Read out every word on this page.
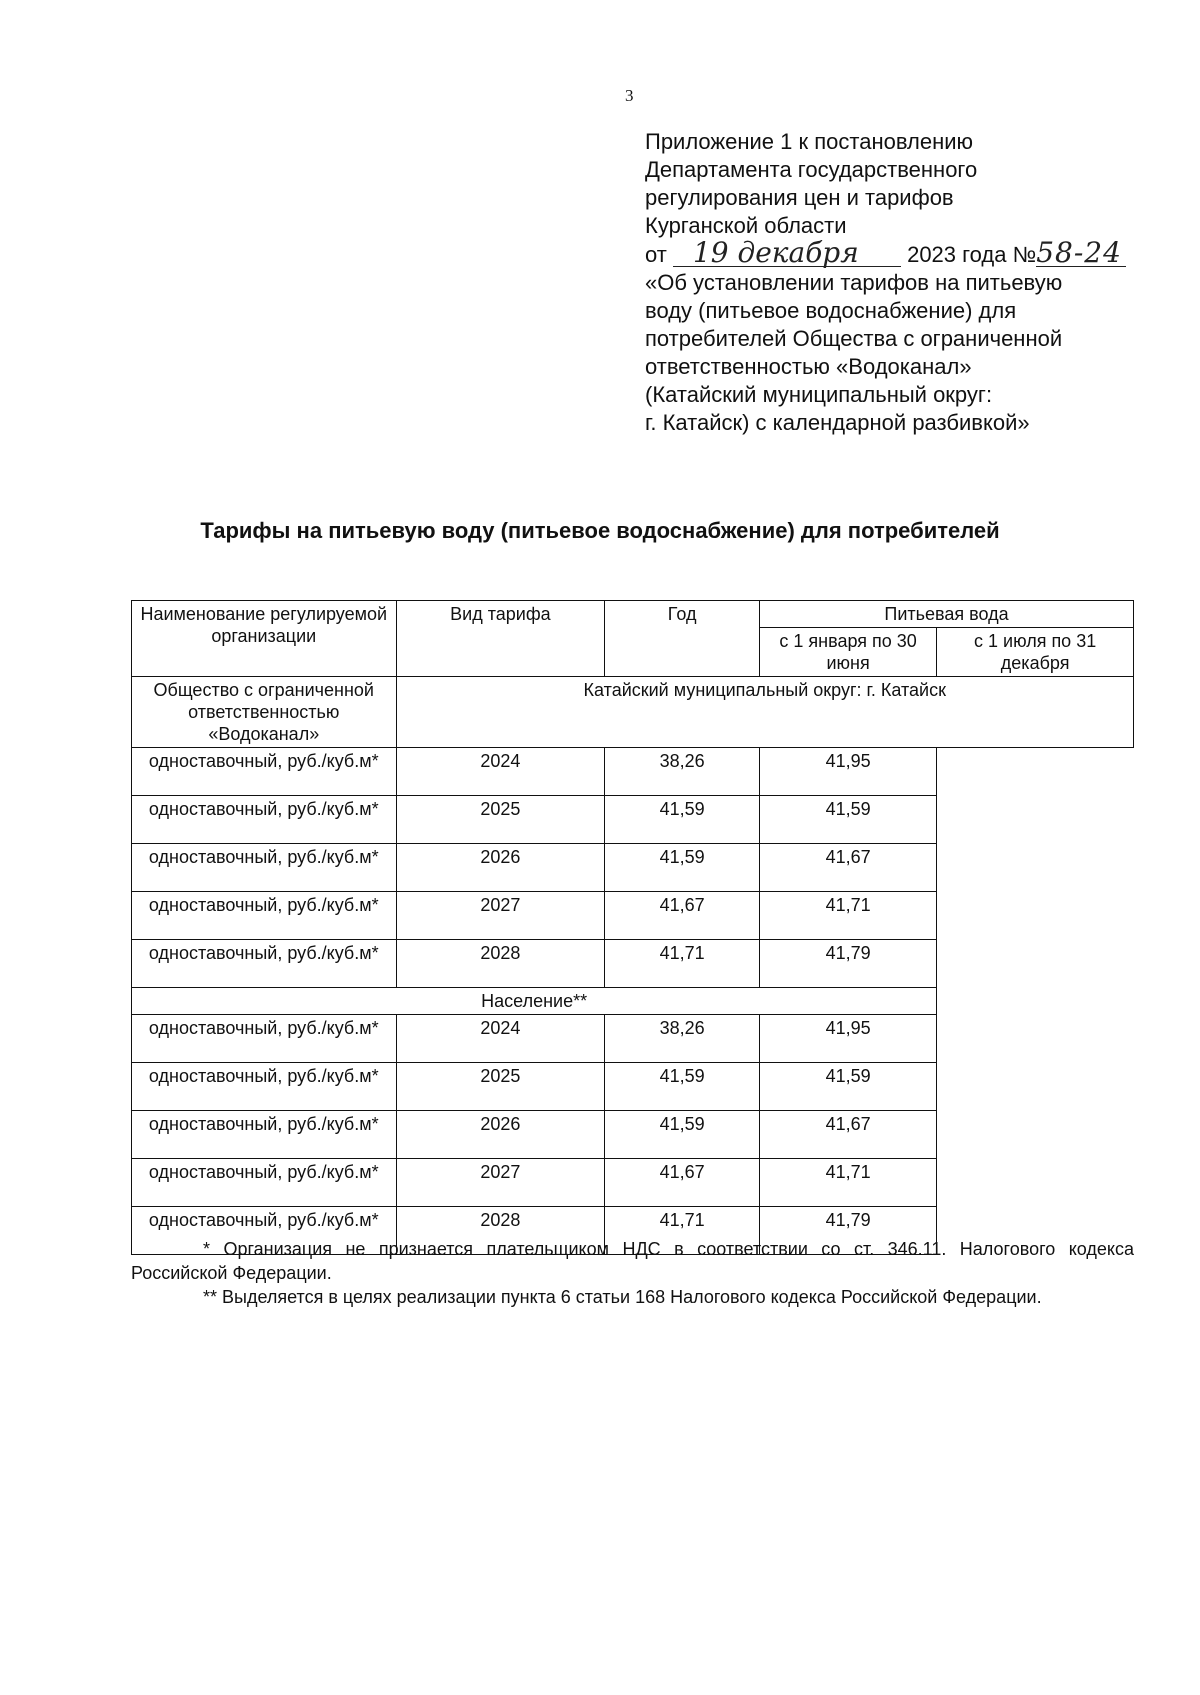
3
Приложение 1 к постановлению
Департамента государственного
регулирования цен и тарифов
Курганской области
от 19 декабря 2023 года №58-24
«Об установлении тарифов на питьевую
воду (питьевое водоснабжение) для
потребителей Общества с ограниченной
ответственностью «Водоканал»
(Катайский муниципальный округ:
г. Катайск) с календарной разбивкой»
Тарифы на питьевую воду (питьевое водоснабжение) для потребителей
Наименование регулируемой организации	Вид тарифа	Год	Питьевая вода	
			с 1 января по 30 июня	с 1 июля по 31 декабря
Общество с ограниченной ответственностью «Водоканал»	Катайский муниципальный округ: г. Катайск			
одноставочный, руб./куб.м*	2024	38,26	41,95	
одноставочный, руб./куб.м*	2025	41,59	41,59	
одноставочный, руб./куб.м*	2026	41,59	41,67	
одноставочный, руб./куб.м*	2027	41,67	41,71	
одноставочный, руб./куб.м*	2028	41,71	41,79	
Население**				
одноставочный, руб./куб.м*	2024	38,26	41,95	
одноставочный, руб./куб.м*	2025	41,59	41,59	
одноставочный, руб./куб.м*	2026	41,59	41,67	
одноставочный, руб./куб.м*	2027	41,67	41,71	
одноставочный, руб./куб.м*	2028	41,71	41,79	

* Организация не признается плательщиком НДС в соответствии со ст. 346.11. Налогового кодекса Российской Федерации.

** Выделяется в целях реализации пункта 6 статьи 168 Налогового кодекса Российской Федерации.
